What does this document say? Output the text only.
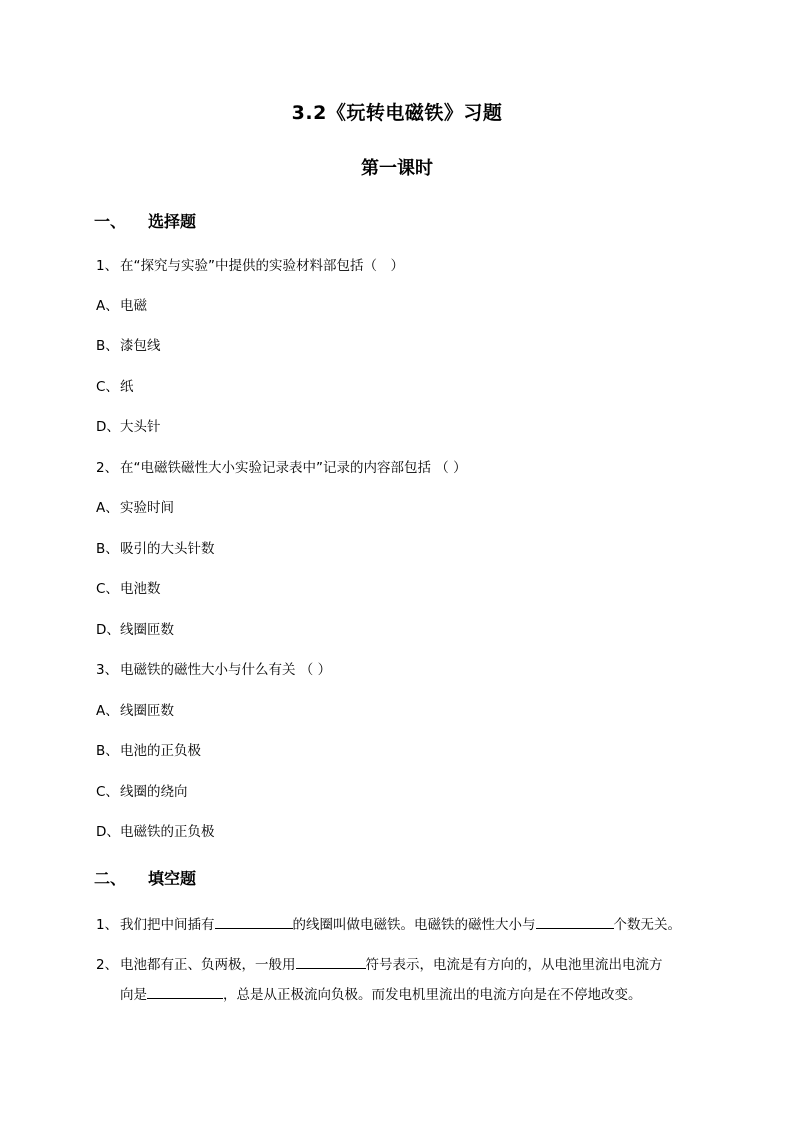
3.2《玩转电磁铁》习题
第一课时
一、 选择题
1、 在“探究与实验”中提供的实验材料部包括（　）
A、电磁
B、漆包线
C、纸
D、大头针
2、 在“电磁铁磁性大小实验记录表中”记录的内容部包括 （ ）
A、实验时间
B、吸引的大头针数
C、电池数
D、线圈匝数
3、 电磁铁的磁性大小与什么有关 （ ）
A、线圈匝数
B、电池的正负极
C、线圈的绕向
D、电磁铁的正负极
二、 填空题
1、 我们把中间插有	的线圈叫做电磁铁。电磁铁的磁性大小与	个数无关。
2、 电池都有正、负两极，一般用	符号表示，电流是有方向的，从电池里流出电流方
向是	，总是从正极流向负极。而发电机里流出的电流方向是在不停地改变。
